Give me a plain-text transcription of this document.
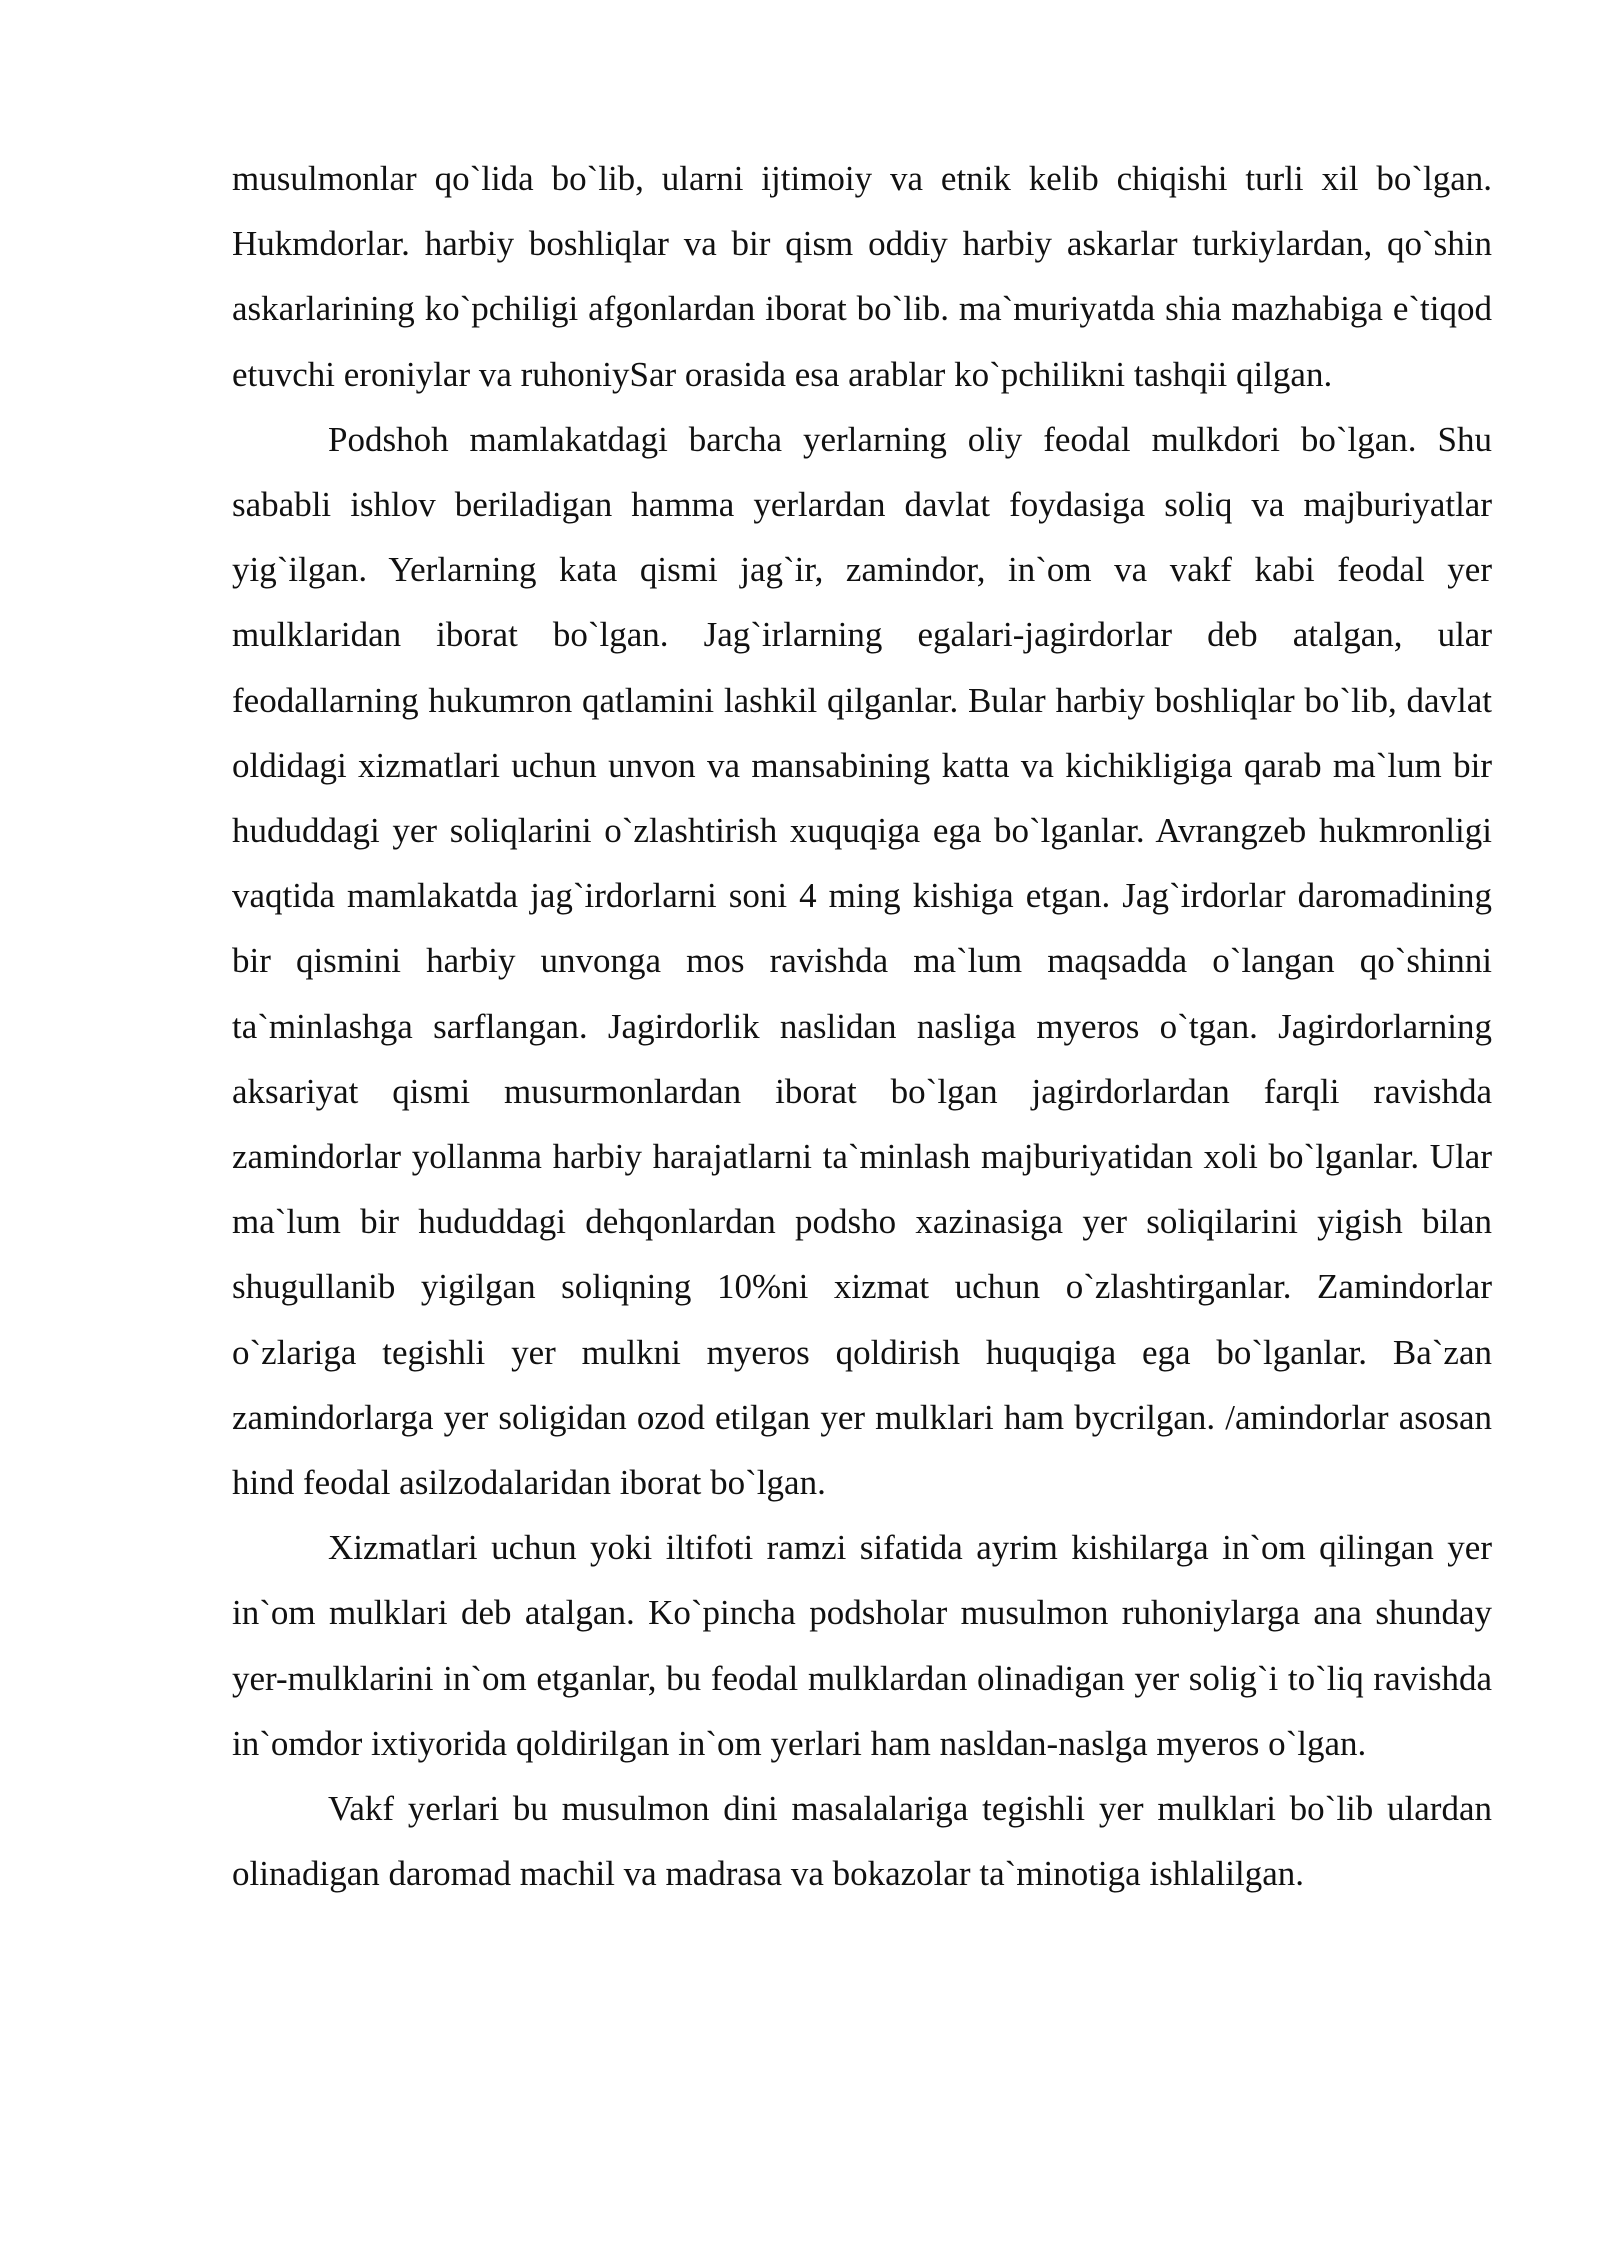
musulmonlar qo`lida bo`lib, ularni ijtimoiy va etnik kelib chiqishi turli xil bo`lgan. Hukmdorlar. harbiy boshliqlar va bir qism oddiy harbiy askarlar turkiylardan, qo`shin askarlarining ko`pchiligi afgonlardan iborat bo`lib. ma`muriyatda shia mazhabiga e`tiqod etuvchi eroniylar va ruhoniySar orasida esa arablar ko`pchilikni tashqii qilgan.

Podshoh mamlakatdagi barcha yerlarning oliy feodal mulkdori bo`lgan. Shu sababli ishlov beriladigan hamma yerlardan davlat foydasiga soliq va majburiyatlar yig`ilgan. Yerlarning kata qismi jag`ir, zamindor, in`om va vakf kabi feodal yer mulklaridan iborat bo`lgan. Jag`irlarning egalari-jagirdorlar deb atalgan, ular feodallarning hukumron qatlamini lashkil qilganlar. Bular harbiy boshliqlar bo`lib, davlat oldidagi xizmatlari uchun unvon va mansabining katta va kichikligiga qarab ma`lum bir hududdagi yer soliqlarini o`zlashtirish xuquqiga ega bo`lganlar. Avrangzeb hukmronligi vaqtida mamlakatda jag`irdorlarni soni 4 ming kishiga etgan. Jag`irdorlar daromadining bir qismini harbiy unvonga mos ravishda ma`lum maqsadda o`langan qo`shinni ta`minlashga sarflangan. Jagirdorlik naslidan nasliga myeros o`tgan. Jagirdorlarning aksariyat qismi musurmonlardan iborat bo`lgan jagirdorlardan farqli ravishda zamindorlar yollanma harbiy harajatlarni ta`minlash majburiyatidan xoli bo`lganlar. Ular ma`lum bir hududdagi dehqonlardan podsho xazinasiga yer soliqilarini yigish bilan shugullanib yigilgan soliqning 10%ni xizmat uchun o`zlashtirganlar. Zamindorlar o`zlariga tegishli yer mulkni myeros qoldirish huquqiga ega bo`lganlar. Ba`zan zamindorlarga yer soligidan ozod etilgan yer mulklari ham bycrilgan. /amindorlar asosan hind feodal asilzodalaridan iborat bo`lgan.

Xizmatlari uchun yoki iltifoti ramzi sifatida ayrim kishilarga in`om qilingan yer in`om mulklari deb atalgan. Ko`pincha podsholar musulmon ruhoniylarga ana shunday yer-mulklarini in`om etganlar, bu feodal mulklardan olinadigan yer solig`i to`liq ravishda in`omdor ixtiyorida qoldirilgan in`om yerlari ham nasldan-naslga myeros o`lgan.

Vakf yerlari bu musulmon dini masalalariga tegishli yer mulklari bo`lib ulardan olinadigan daromad machil va madrasa va bokazolar ta`minotiga ishlalilgan.
